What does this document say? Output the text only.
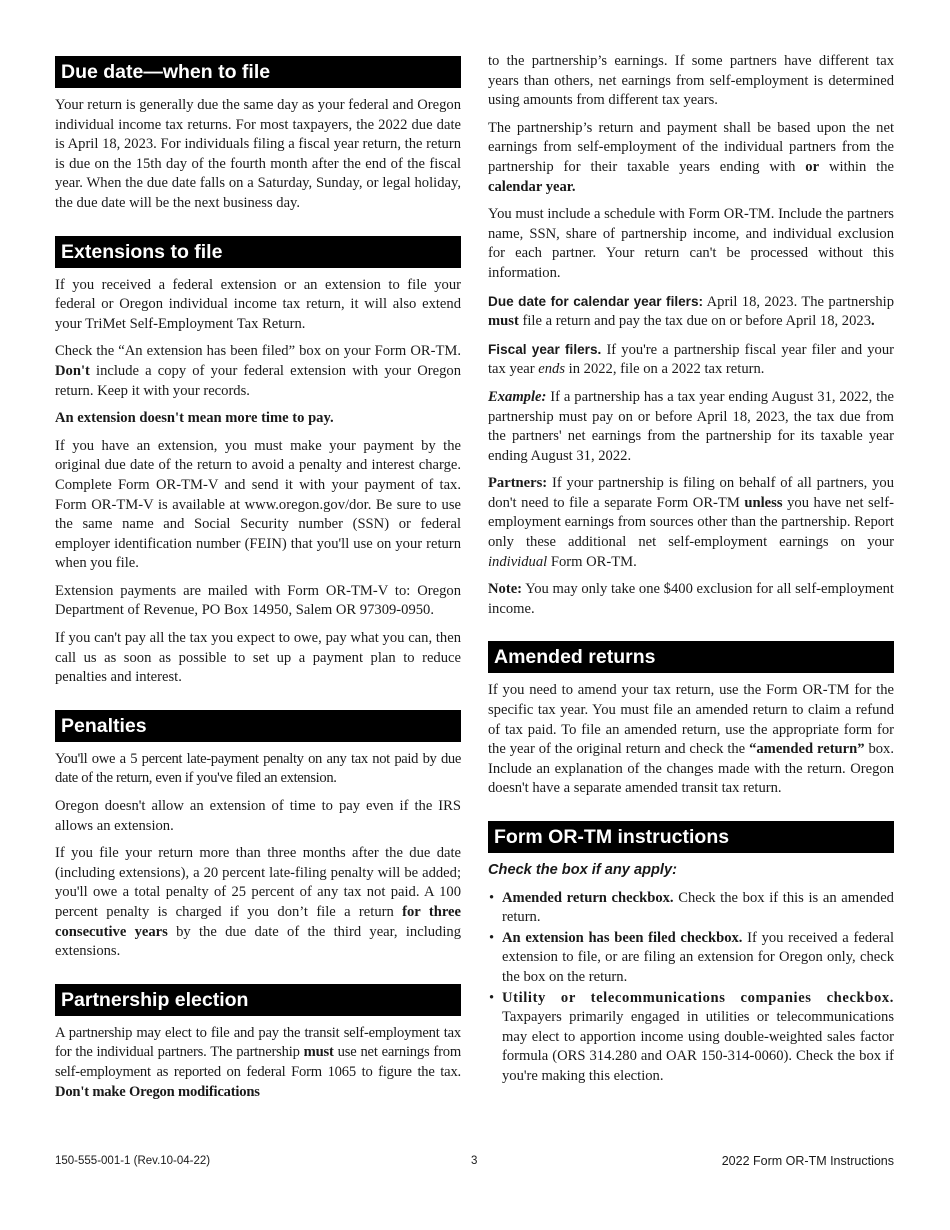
Due date—when to file

Your return is generally due the same day as your federal and Oregon individual income tax returns. For most taxpayers, the 2022 due date is April 18, 2023. For individuals filing a fiscal year return, the return is due on the 15th day of the fourth month after the end of the fiscal year. When the due date falls on a Saturday, Sunday, or legal holiday, the due date will be the next business day.

Extensions to file

If you received a federal extension or an extension to file your federal or Oregon individual income tax return, it will also extend your TriMet Self-Employment Tax Return.

Check the “An extension has been filed” box on your Form OR-TM. Don't include a copy of your federal extension with your Oregon return. Keep it with your records.

An extension doesn't mean more time to pay.

If you have an extension, you must make your payment by the original due date of the return to avoid a penalty and interest charge. Complete Form OR-TM-V and send it with your payment of tax. Form OR-TM-V is available at www.oregon.gov/dor. Be sure to use the same name and Social Security number (SSN) or federal employer identification number (FEIN) that you'll use on your return when you file.

Extension payments are mailed with Form OR-TM-V to: Oregon Department of Revenue, PO Box 14950, Salem OR 97309-0950.

If you can't pay all the tax you expect to owe, pay what you can, then call us as soon as possible to set up a payment plan to reduce penalties and interest.

Penalties

You'll owe a 5 percent late-payment penalty on any tax not paid by due date of the return, even if you've filed an extension.

Oregon doesn't allow an extension of time to pay even if the IRS allows an extension.

If you file your return more than three months after the due date (including extensions), a 20 percent late-filing penalty will be added; you'll owe a total penalty of 25 percent of any tax not paid. A 100 percent penalty is charged if you don’t file a return for three consecutive years by the due date of the third year, including extensions.

Partnership election

A partnership may elect to file and pay the transit self-employment tax for the individual partners. The partnership must use net earnings from self-employment as reported on federal Form 1065 to figure the tax. Don't make Oregon modifications

to the partnership’s earnings. If some partners have different tax years than others, net earnings from self-employment is determined using amounts from different tax years.

The partnership’s return and payment shall be based upon the net earnings from self-employment of the individual partners from the partnership for their taxable years ending with or within the calendar year.

You must include a schedule with Form OR-TM. Include the partners name, SSN, share of partnership income, and individual exclusion for each partner. Your return can't be processed without this information.

Due date for calendar year filers: April 18, 2023. The partnership must file a return and pay the tax due on or before April 18, 2023.

Fiscal year filers. If you're a partnership fiscal year filer and your tax year ends in 2022, file on a 2022 tax return.

Example: If a partnership has a tax year ending August 31, 2022, the partnership must pay on or before April 18, 2023, the tax due from the partners' net earnings from the partnership for its taxable year ending August 31, 2022.

Partners: If your partnership is filing on behalf of all partners, you don't need to file a separate Form OR-TM unless you have net self-employment earnings from sources other than the partnership. Report only these additional net self-employment earnings on your individual Form OR-TM.

Note: You may only take one $400 exclusion for all self-employment income.

Amended returns

If you need to amend your tax return, use the Form OR-TM for the specific tax year. You must file an amended return to claim a refund of tax paid. To file an amended return, use the appropriate form for the year of the original return and check the “amended return” box. Include an explanation of the changes made with the return. Oregon doesn't have a separate amended transit tax return.

Form OR-TM instructions

Check the box if any apply:

• Amended return checkbox. Check the box if this is an amended return.
• An extension has been filed checkbox. If you received a federal extension to file, or are filing an extension for Oregon only, check the box on the return.
• Utility or telecommunications companies checkbox. Taxpayers primarily engaged in utilities or telecommunications may elect to apportion income using double-weighted sales factor formula (ORS 314.280 and OAR 150-314-0060). Check the box if you're making this election.
150-555-001-1 (Rev.10-04-22)	3	2022 Form OR-TM Instructions
